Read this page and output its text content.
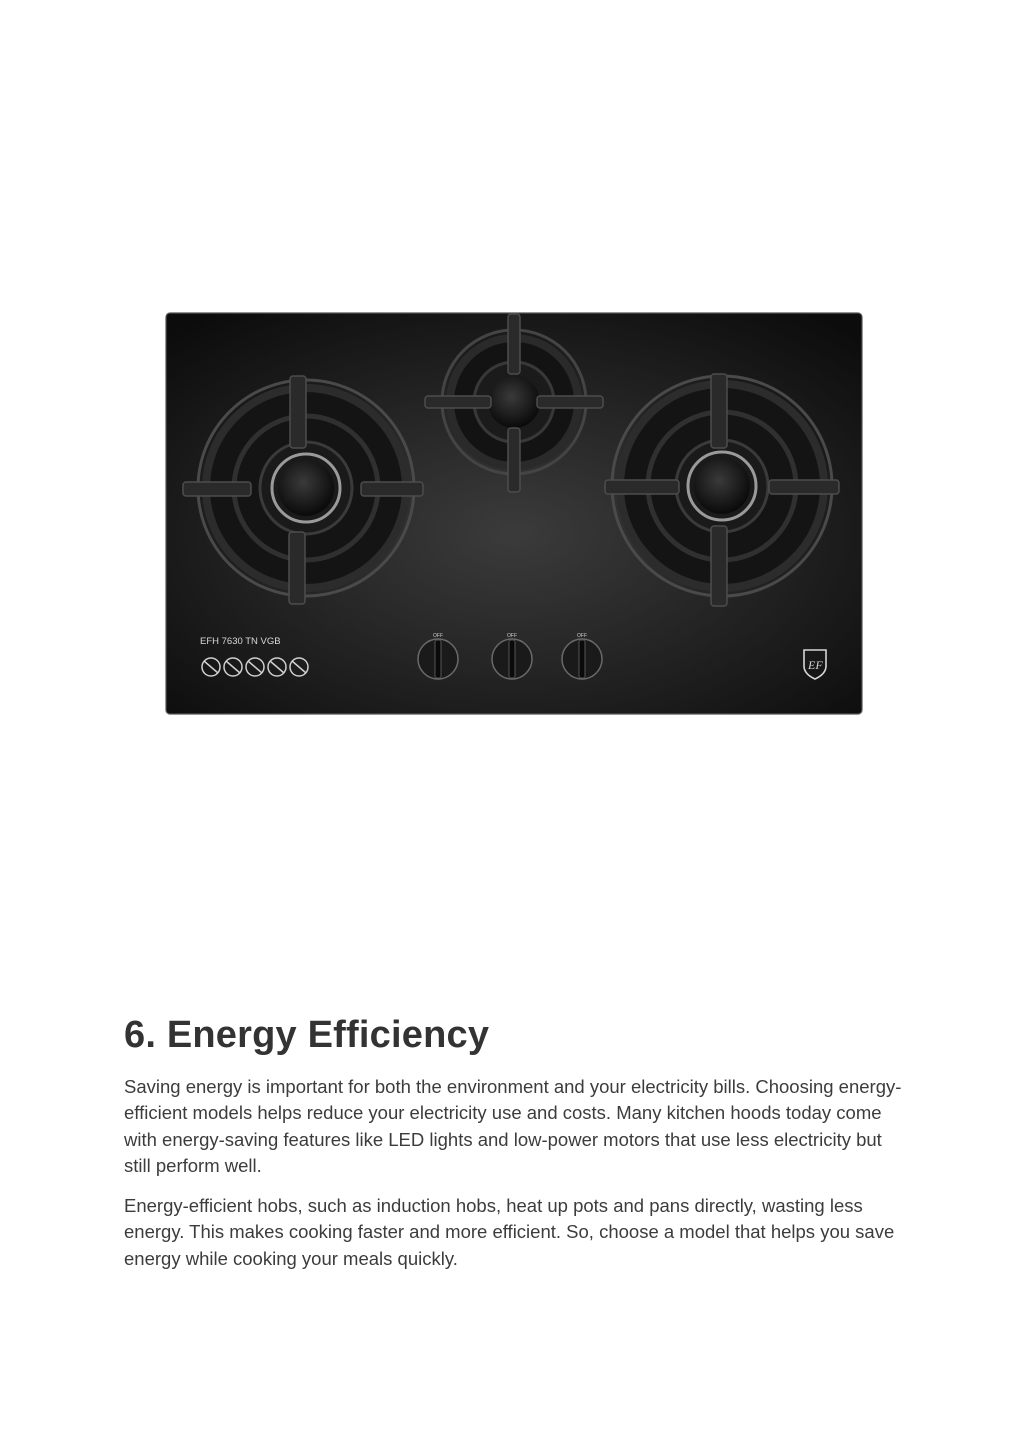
EFH 7630 TN VGB	OFF	OFF	OFF
EF
6. Energy Efficiency

Saving energy is important for both the environment and your electricity bills. Choosing energy-efficient models helps reduce your electricity use and costs. Many kitchen hoods today come with energy-saving features like LED lights and low-power motors that use less electricity but still perform well.

Energy-efficient hobs, such as induction hobs, heat up pots and pans directly, wasting less energy. This makes cooking faster and more efficient. So, choose a model that helps you save energy while cooking your meals quickly.
